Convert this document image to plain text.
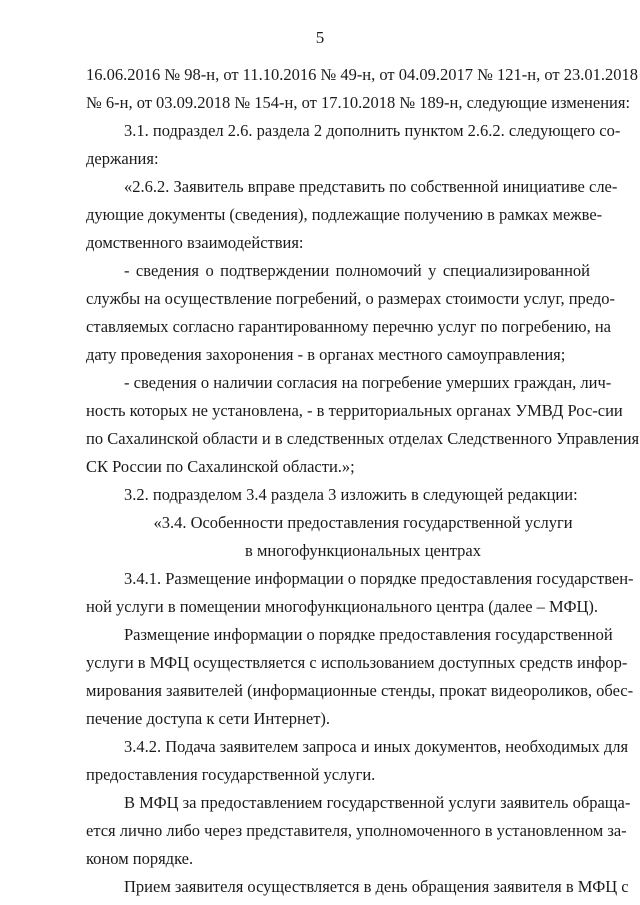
5
16.06.2016 № 98-н, от 11.10.2016 № 49-н, от 04.09.2017 № 121-н, от 23.01.2018
№ 6-н, от 03.09.2018 № 154-н, от 17.10.2018 № 189-н, следующие изменения:
3.1. подраздел 2.6. раздела 2 дополнить пунктом 2.6.2. следующего со-
держания:
«2.6.2. Заявитель вправе представить по собственной инициативе сле-
дующие документы (сведения), подлежащие получению в рамках межве-
домственного взаимодействия:
- сведения о подтверждении полномочий у специализированной
службы на осуществление погребений, о размерах стоимости услуг, предо-
ставляемых согласно гарантированному перечню услуг по погребению, на
дату проведения захоронения - в органах местного самоуправления;
- сведения о наличии согласия на погребение умерших граждан, лич-
ность которых не установлена, - в территориальных органах УМВД Рос-сии
по Сахалинской области и в следственных отделах Следственного Управления
СК России по Сахалинской области.»;
3.2. подразделом 3.4 раздела 3 изложить в следующей редакции:
«3.4. Особенности предоставления государственной услуги
в многофункциональных центрах
3.4.1. Размещение информации о порядке предоставления государствен-
ной услуги в помещении многофункционального центра (далее – МФЦ).
Размещение информации о порядке предоставления государственной
услуги в МФЦ осуществляется с использованием доступных средств инфор-
мирования заявителей (информационные стенды, прокат видеороликов, обес-
печение доступа к сети Интернет).
3.4.2. Подача заявителем запроса и иных документов, необходимых для
предоставления государственной услуги.
В МФЦ за предоставлением государственной услуги заявитель обраща-
ется лично либо через представителя, уполномоченного в установленном за-
коном порядке.
Прием заявителя осуществляется в день обращения заявителя в МФЦ с
